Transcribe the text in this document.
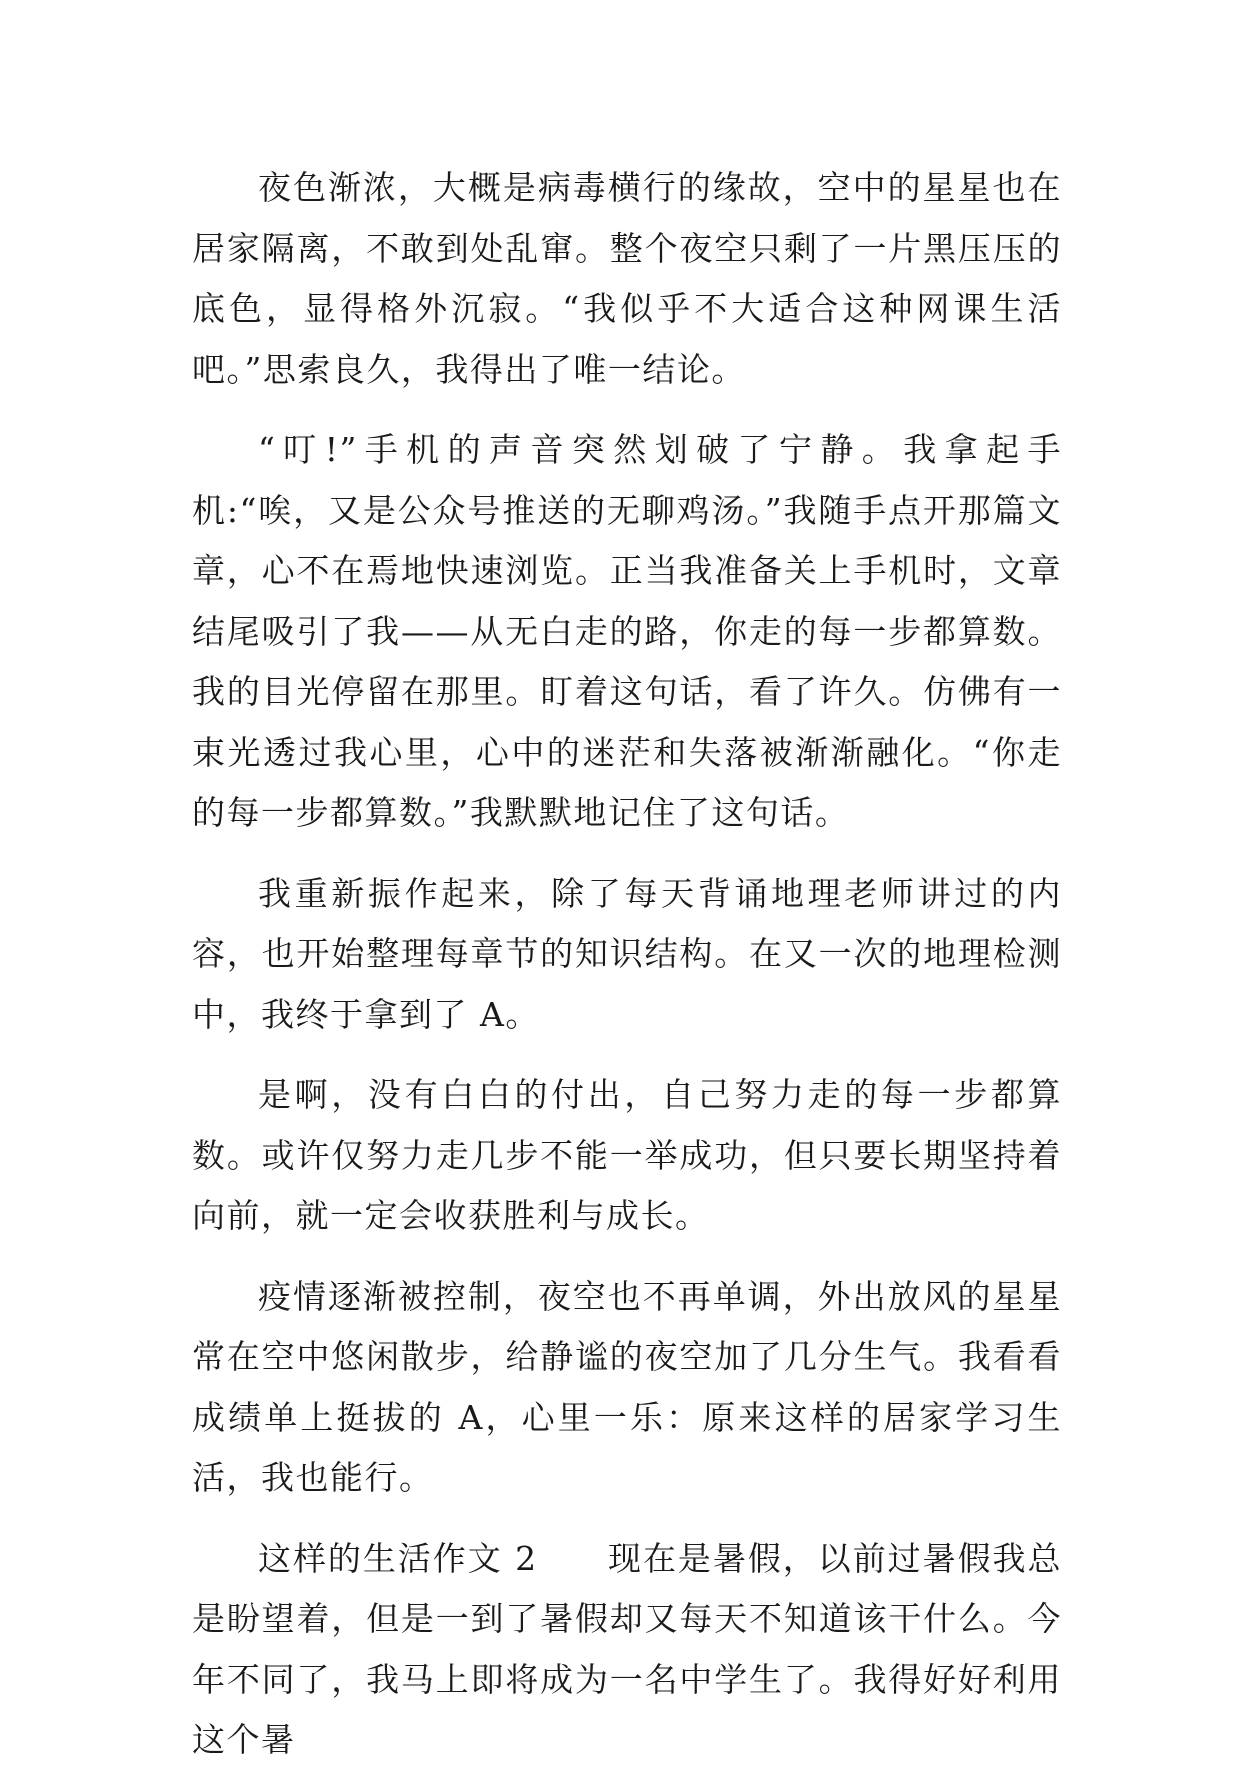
夜色渐浓，大概是病毒横行的缘故，空中的星星也在居家隔离，不敢到处乱窜。整个夜空只剩了一片黑压压的底色，显得格外沉寂。“我似乎不大适合这种网课生活吧。”思索良久，我得出了唯一结论。

“叮!”手机的声音突然划破了宁静。我拿起手机:“唉，又是公众号推送的无聊鸡汤。”我随手点开那篇文章，心不在焉地快速浏览。正当我准备关上手机时，文章结尾吸引了我——从无白走的路，你走的每一步都算数。我的目光停留在那里。盯着这句话，看了许久。仿佛有一束光透过我心里，心中的迷茫和失落被渐渐融化。“你走的每一步都算数。”我默默地记住了这句话。

我重新振作起来，除了每天背诵地理老师讲过的内容，也开始整理每章节的知识结构。在又一次的地理检测中，我终于拿到了 A。

是啊，没有白白的付出，自己努力走的每一步都算数。或许仅努力走几步不能一举成功，但只要长期坚持着向前，就一定会收获胜利与成长。

疫情逐渐被控制，夜空也不再单调，外出放风的星星常在空中悠闲散步，给静谧的夜空加了几分生气。我看看成绩单上挺拔的 A，心里一乐：原来这样的居家学习生活，我也能行。

这样的生活作文 2　　现在是暑假，以前过暑假我总是盼望着，但是一到了暑假却又每天不知道该干什么。今年不同了，我马上即将成为一名中学生了。我得好好利用这个暑
